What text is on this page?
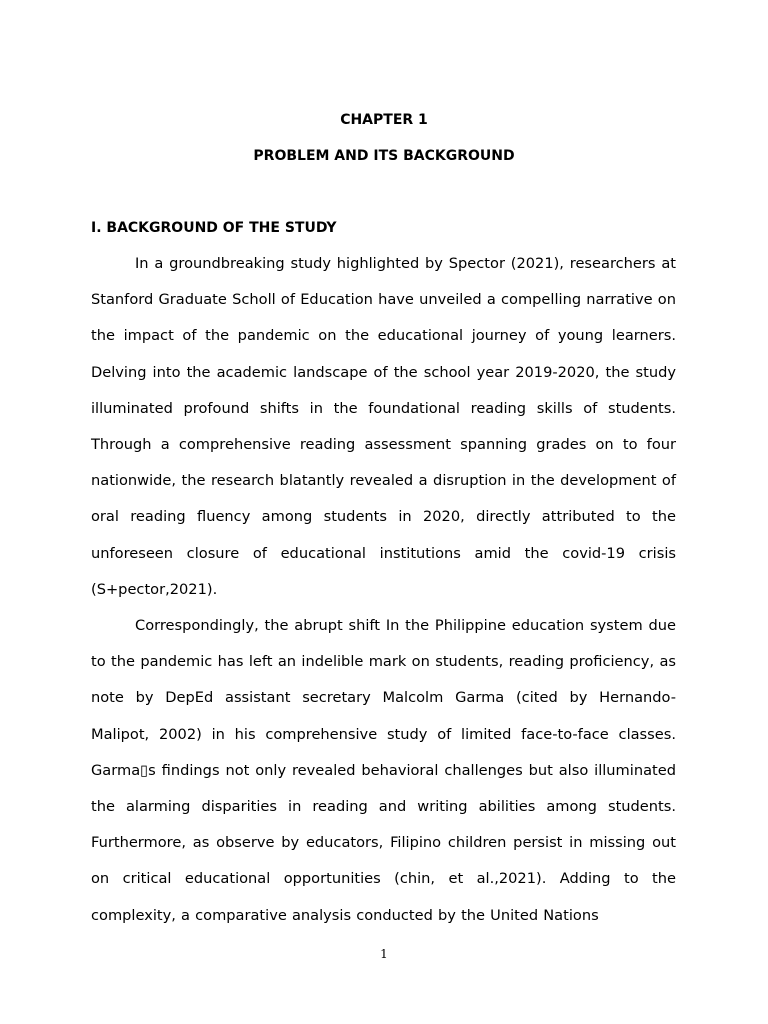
CHAPTER 1
PROBLEM AND ITS BACKGROUND
I. BACKGROUND OF THE STUDY

In a groundbreaking study highlighted by Spector (2021), researchers at Stanford Graduate Scholl of Education have unveiled a compelling narrative on the impact of the pandemic on the educational journey of young learners. Delving into the academic landscape of the school year 2019-2020, the study illuminated profound shifts in the foundational reading skills of students. Through a comprehensive reading assessment spanning grades on to four nationwide, the research blatantly revealed a disruption in the development of oral reading fluency among students in 2020, directly attributed to the unforeseen closure of educational institutions amid the covid-19 crisis (S+pector,2021).

Correspondingly, the abrupt shift In the Philippine education system due to the pandemic has left an indelible mark on students, reading proficiency, as note by DepEd assistant secretary Malcolm Garma (cited by Hernando- Malipot, 2002) in his comprehensive study of limited face-to-face classes. Garma▯s findings not only revealed behavioral challenges but also illuminated the alarming disparities in reading and writing abilities among students. Furthermore, as observe by educators, Filipino children persist in missing out on critical educational opportunities (chin, et al.,2021). Adding to the complexity, a comparative analysis conducted by the United Nations

1
